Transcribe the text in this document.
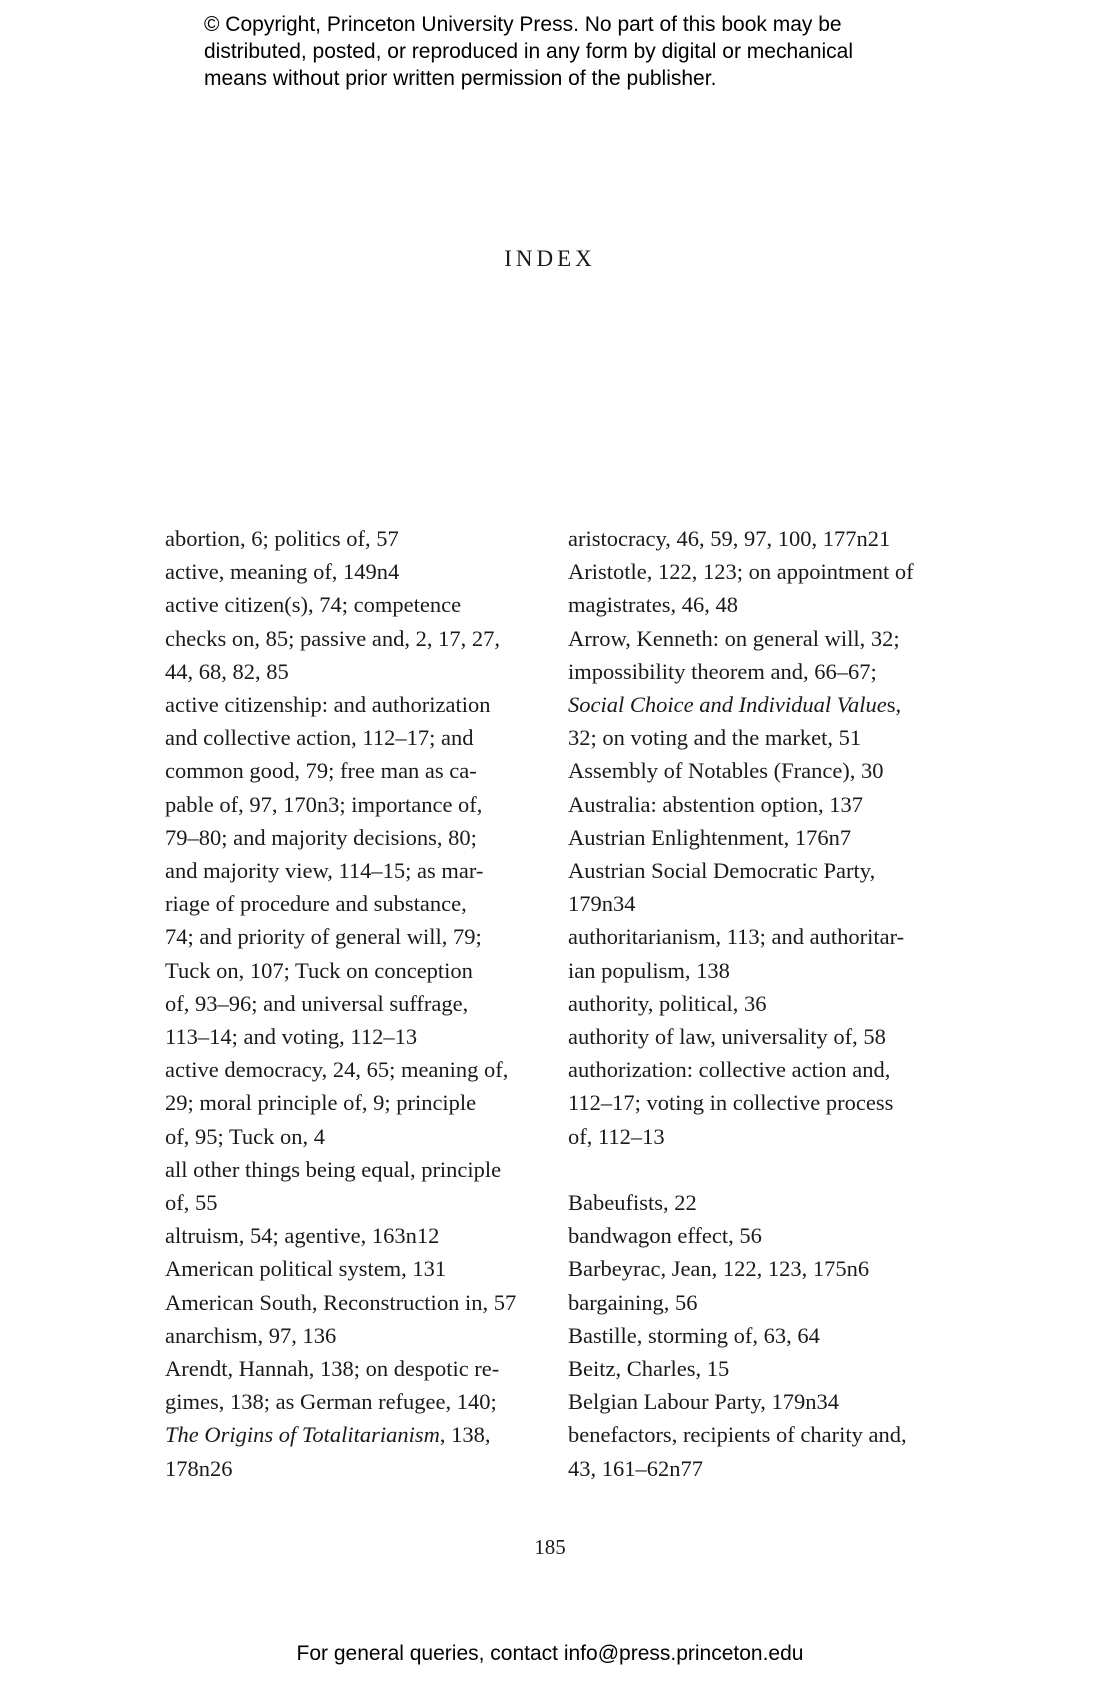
© Copyright, Princeton University Press. No part of this book may be
distributed, posted, or reproduced in any form by digital or mechanical
means without prior written permission of the publisher.
INDEX

abortion, 6; politics of, 57

active, meaning of, 149n4

active citizen(s), 74; competence
checks on, 85; passive and, 2, 17, 27,
44, 68, 82, 85

active citizenship: and authorization
and collective action, 112–17; and
common good, 79; free man as ca-
pable of, 97, 170n3; importance of,
79–80; and majority decisions, 80;
and majority view, 114–15; as mar-
riage of procedure and substance,
74; and priority of general will, 79;
Tuck on, 107; Tuck on conception
of, 93–96; and universal suffrage,
113–14; and voting, 112–13

active democracy, 24, 65; meaning of,
29; moral principle of, 9; principle
of, 95; Tuck on, 4

all other things being equal, principle
of, 55

altruism, 54; agentive, 163n12

American political system, 131

American South, Reconstruction in, 57

anarchism, 97, 136

Arendt, Hannah, 138; on despotic re-
gimes, 138; as German refugee, 140;
The Origins of Totalitarianism, 138,
178n26

aristocracy, 46, 59, 97, 100, 177n21

Aristotle, 122, 123; on appointment of
magistrates, 46, 48

Arrow, Kenneth: on general will, 32;
impossibility theorem and, 66–67;
Social Choice and Individual Values,
32; on voting and the market, 51

Assembly of Notables (France), 30

Australia: abstention option, 137

Austrian Enlightenment, 176n7

Austrian Social Democratic Party,
179n34

authoritarianism, 113; and authoritar-
ian populism, 138

authority, political, 36

authority of law, universality of, 58

authorization: collective action and,
112–17; voting in collective process
of, 112–13

Babeufists, 22

bandwagon effect, 56

Barbeyrac, Jean, 122, 123, 175n6

bargaining, 56

Bastille, storming of, 63, 64

Beitz, Charles, 15

Belgian Labour Party, 179n34

benefactors, recipients of charity and,
43, 161–62n77

185
For general queries, contact info@press.princeton.edu
